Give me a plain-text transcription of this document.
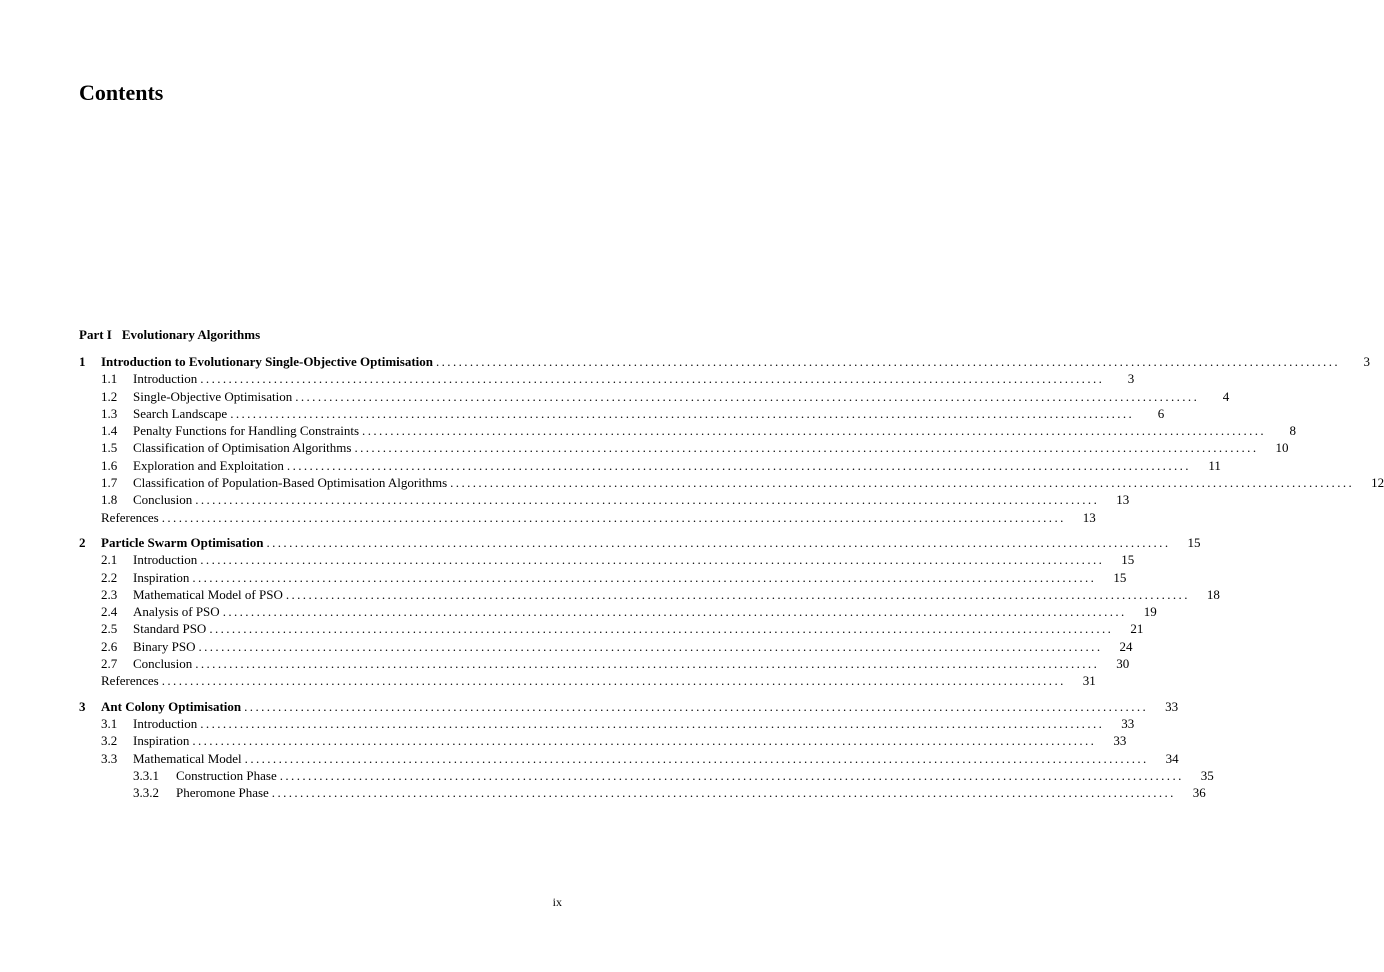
Contents
Part I Evolutionary Algorithms
1	Introduction to Evolutionary Single-Objective Optimisation ................................................................................................................................................................	3
1.1	Introduction ................................................................................................................................................................	3
1.2	Single-Objective Optimisation ................................................................................................................................................................	4
1.3	Search Landscape ................................................................................................................................................................	6
1.4	Penalty Functions for Handling Constraints ................................................................................................................................................................	8
1.5	Classification of Optimisation Algorithms ................................................................................................................................................................	10
1.6	Exploration and Exploitation ................................................................................................................................................................	11
1.7	Classification of Population-Based Optimisation Algorithms ................................................................................................................................................................	12
1.8	Conclusion ................................................................................................................................................................	13
References ................................................................................................................................................................	13
2	Particle Swarm Optimisation ................................................................................................................................................................	15
2.1	Introduction ................................................................................................................................................................	15
2.2	Inspiration ................................................................................................................................................................	15
2.3	Mathematical Model of PSO ................................................................................................................................................................	18
2.4	Analysis of PSO ................................................................................................................................................................	19
2.5	Standard PSO ................................................................................................................................................................	21
2.6	Binary PSO ................................................................................................................................................................	24
2.7	Conclusion ................................................................................................................................................................	30
References ................................................................................................................................................................	31
3	Ant Colony Optimisation ................................................................................................................................................................	33
3.1	Introduction ................................................................................................................................................................	33
3.2	Inspiration ................................................................................................................................................................	33
3.3	Mathematical Model ................................................................................................................................................................	34
3.3.1	Construction Phase ................................................................................................................................................................	35
3.3.2	Pheromone Phase ................................................................................................................................................................	36
ix
